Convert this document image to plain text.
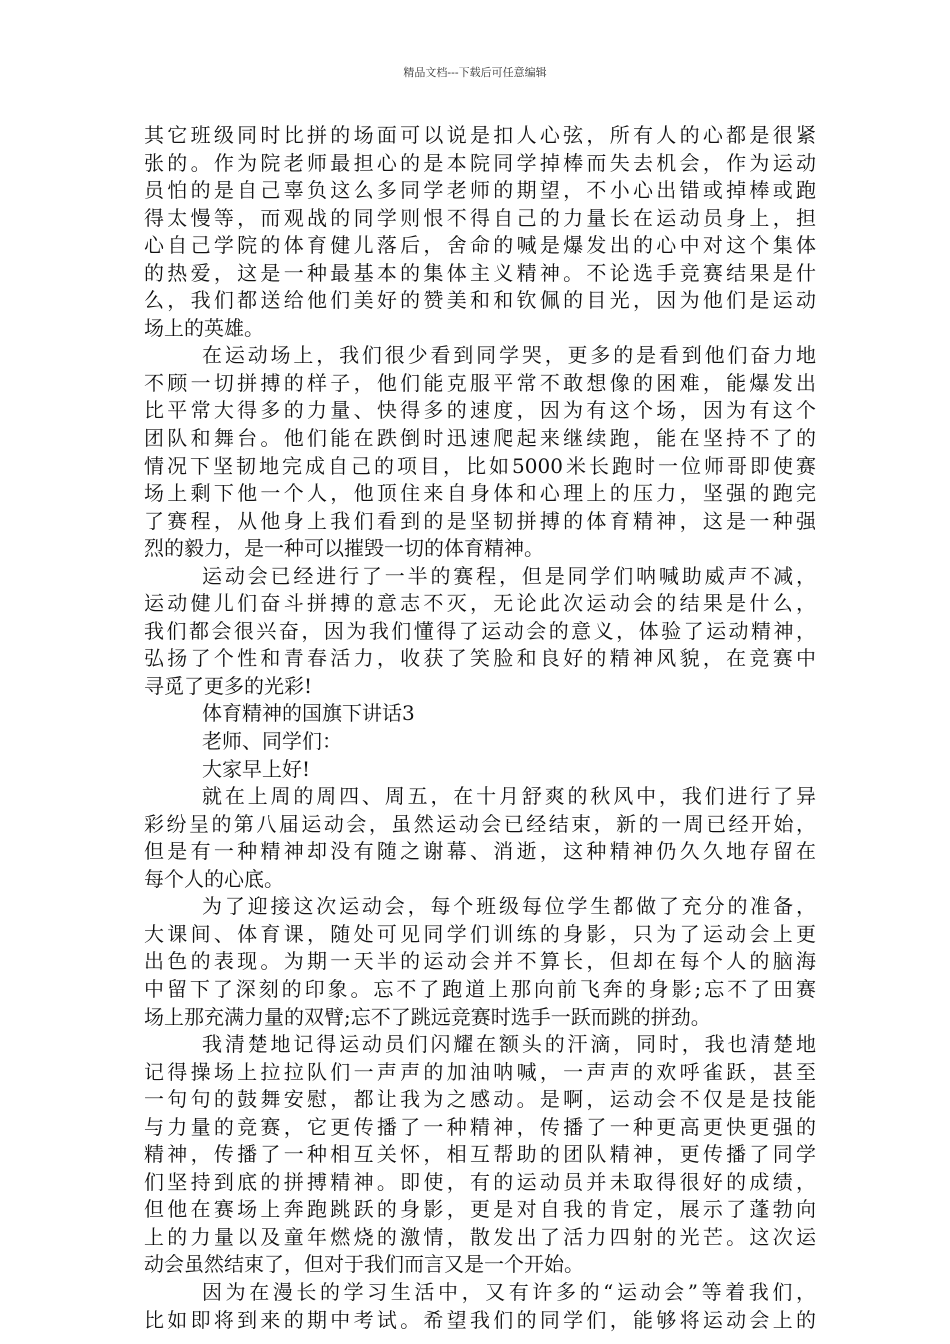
精品文档---下载后可任意编辑
其它班级同时比拼的场面可以说是扣人心弦，所有人的心都是很紧
张的。作为院老师最担心的是本院同学掉棒而失去机会，作为运动
员怕的是自己辜负这么多同学老师的期望，不小心出错或掉棒或跑
得太慢等，而观战的同学则恨不得自己的力量长在运动员身上，担
心自己学院的体育健儿落后，舍命的喊是爆发出的心中对这个集体
的热爱，这是一种最基本的集体主义精神。不论选手竞赛结果是什
么，我们都送给他们美好的赞美和和钦佩的目光，因为他们是运动
场上的英雄。
在运动场上，我们很少看到同学哭，更多的是看到他们奋力地
不顾一切拼搏的样子，他们能克服平常不敢想像的困难，能爆发出
比平常大得多的力量、快得多的速度，因为有这个场，因为有这个
团队和舞台。他们能在跌倒时迅速爬起来继续跑，能在坚持不了的
情况下坚韧地完成自己的项目，比如5000米长跑时一位师哥即使赛
场上剩下他一个人，他顶住来自身体和心理上的压力，坚强的跑完
了赛程，从他身上我们看到的是坚韧拼搏的体育精神，这是一种强
烈的毅力，是一种可以摧毁一切的体育精神。
运动会已经进行了一半的赛程，但是同学们呐喊助威声不减，
运动健儿们奋斗拼搏的意志不灭，无论此次运动会的结果是什么，
我们都会很兴奋，因为我们懂得了运动会的意义，体验了运动精神，
弘扬了个性和青春活力，收获了笑脸和良好的精神风貌，在竞赛中
寻觅了更多的光彩!
体育精神的国旗下讲话3
老师、同学们：
大家早上好!
就在上周的周四、周五，在十月舒爽的秋风中，我们进行了异
彩纷呈的第八届运动会，虽然运动会已经结束，新的一周已经开始，
但是有一种精神却没有随之谢幕、消逝，这种精神仍久久地存留在
每个人的心底。
为了迎接这次运动会，每个班级每位学生都做了充分的准备，
大课间、体育课，随处可见同学们训练的身影，只为了运动会上更
出色的表现。为期一天半的运动会并不算长，但却在每个人的脑海
中留下了深刻的印象。忘不了跑道上那向前飞奔的身影;忘不了田赛
场上那充满力量的双臂;忘不了跳远竞赛时选手一跃而跳的拼劲。
我清楚地记得运动员们闪耀在额头的汗滴，同时，我也清楚地
记得操场上拉拉队们一声声的加油呐喊，一声声的欢呼雀跃，甚至
一句句的鼓舞安慰，都让我为之感动。是啊，运动会不仅是是技能
与力量的竞赛，它更传播了一种精神，传播了一种更高更快更强的
精神，传播了一种相互关怀，相互帮助的团队精神，更传播了同学
们坚持到底的拼搏精神。即使，有的运动员并未取得很好的成绩，
但他在赛场上奔跑跳跃的身影，更是对自我的肯定，展示了蓬勃向
上的力量以及童年燃烧的激情，散发出了活力四射的光芒。这次运
动会虽然结束了，但对于我们而言又是一个开始。
因为在漫长的学习生活中，又有许多的“运动会”等着我们，
比如即将到来的期中考试。希望我们的同学们，能够将运动会上的
